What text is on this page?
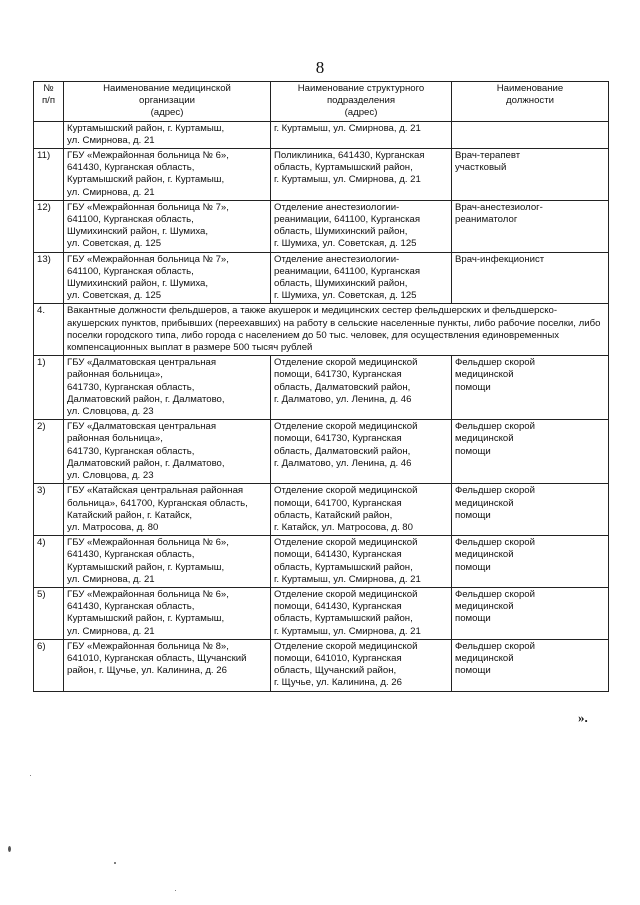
8
№
п/п	Наименование медицинской
организации
(адрес)	Наименование структурного
подразделения
(адрес)	Наименование
должности
	Куртамышский район, г. Куртамыш,
ул. Смирнова, д. 21	г. Куртамыш, ул. Смирнова, д. 21	
11)	ГБУ «Межрайонная больница № 6»,
641430, Курганская область,
Куртамышский район, г. Куртамыш,
ул. Смирнова, д. 21	Поликлиника, 641430, Курганская
область, Куртамышский район,
г. Куртамыш, ул. Смирнова, д. 21	Врач-терапевт
участковый
12)	ГБУ «Межрайонная больница № 7»,
641100, Курганская область,
Шумихинский район, г. Шумиха,
ул. Советская, д. 125	Отделение анестезиологии-
реанимации, 641100, Курганская
область, Шумихинский район,
г. Шумиха, ул. Советская, д. 125	Врач-анестезиолог-
реаниматолог
13)	ГБУ «Межрайонная больница № 7»,
641100, Курганская область,
Шумихинский район, г. Шумиха,
ул. Советская, д. 125	Отделение анестезиологии-
реанимации, 641100, Курганская
область, Шумихинский район,
г. Шумиха, ул. Советская, д. 125	Врач-инфекционист
4.	Вакантные должности фельдшеров, а также акушерок и медицинских сестер фельдшерских и фельдшерско-акушерских пунктов, прибывших (переехавших) на работу в сельские населенные пункты, либо рабочие поселки, либо поселки городского типа, либо города с населением до 50 тыс. человек, для осуществления единовременных компенсационных выплат в размере 500 тысяч рублей		
1)	ГБУ «Далматовская центральная
районная больница»,
641730, Курганская область,
Далматовский район, г. Далматово,
ул. Словцова, д. 23	Отделение скорой медицинской
помощи, 641730, Курганская
область, Далматовский район,
г. Далматово, ул. Ленина, д. 46	Фельдшер скорой
медицинской
помощи
2)	ГБУ «Далматовская центральная
районная больница»,
641730, Курганская область,
Далматовский район, г. Далматово,
ул. Словцова, д. 23	Отделение скорой медицинской
помощи, 641730, Курганская
область, Далматовский район,
г. Далматово, ул. Ленина, д. 46	Фельдшер скорой
медицинской
помощи
3)	ГБУ «Катайская центральная районная
больница», 641700, Курганская область,
Катайский район, г. Катайск,
ул. Матросова, д. 80	Отделение скорой медицинской
помощи, 641700, Курганская
область, Катайский район,
г. Катайск, ул. Матросова, д. 80	Фельдшер скорой
медицинской
помощи
4)	ГБУ «Межрайонная больница № 6»,
641430, Курганская область,
Куртамышский район, г. Куртамыш,
ул. Смирнова, д. 21	Отделение скорой медицинской
помощи, 641430, Курганская
область, Куртамышский район,
г. Куртамыш, ул. Смирнова, д. 21	Фельдшер скорой
медицинской
помощи
5)	ГБУ «Межрайонная больница № 6»,
641430, Курганская область,
Куртамышский район, г. Куртамыш,
ул. Смирнова, д. 21	Отделение скорой медицинской
помощи, 641430, Курганская
область, Куртамышский район,
г. Куртамыш, ул. Смирнова, д. 21	Фельдшер скорой
медицинской
помощи
6)	ГБУ «Межрайонная больница № 8»,
641010, Курганская область, Щучанский
район, г. Щучье, ул. Калинина, д. 26	Отделение скорой медицинской
помощи, 641010, Курганская
область, Щучанский район,
г. Щучье, ул. Калинина, д. 26	Фельдшер скорой
медицинской
помощи
».
